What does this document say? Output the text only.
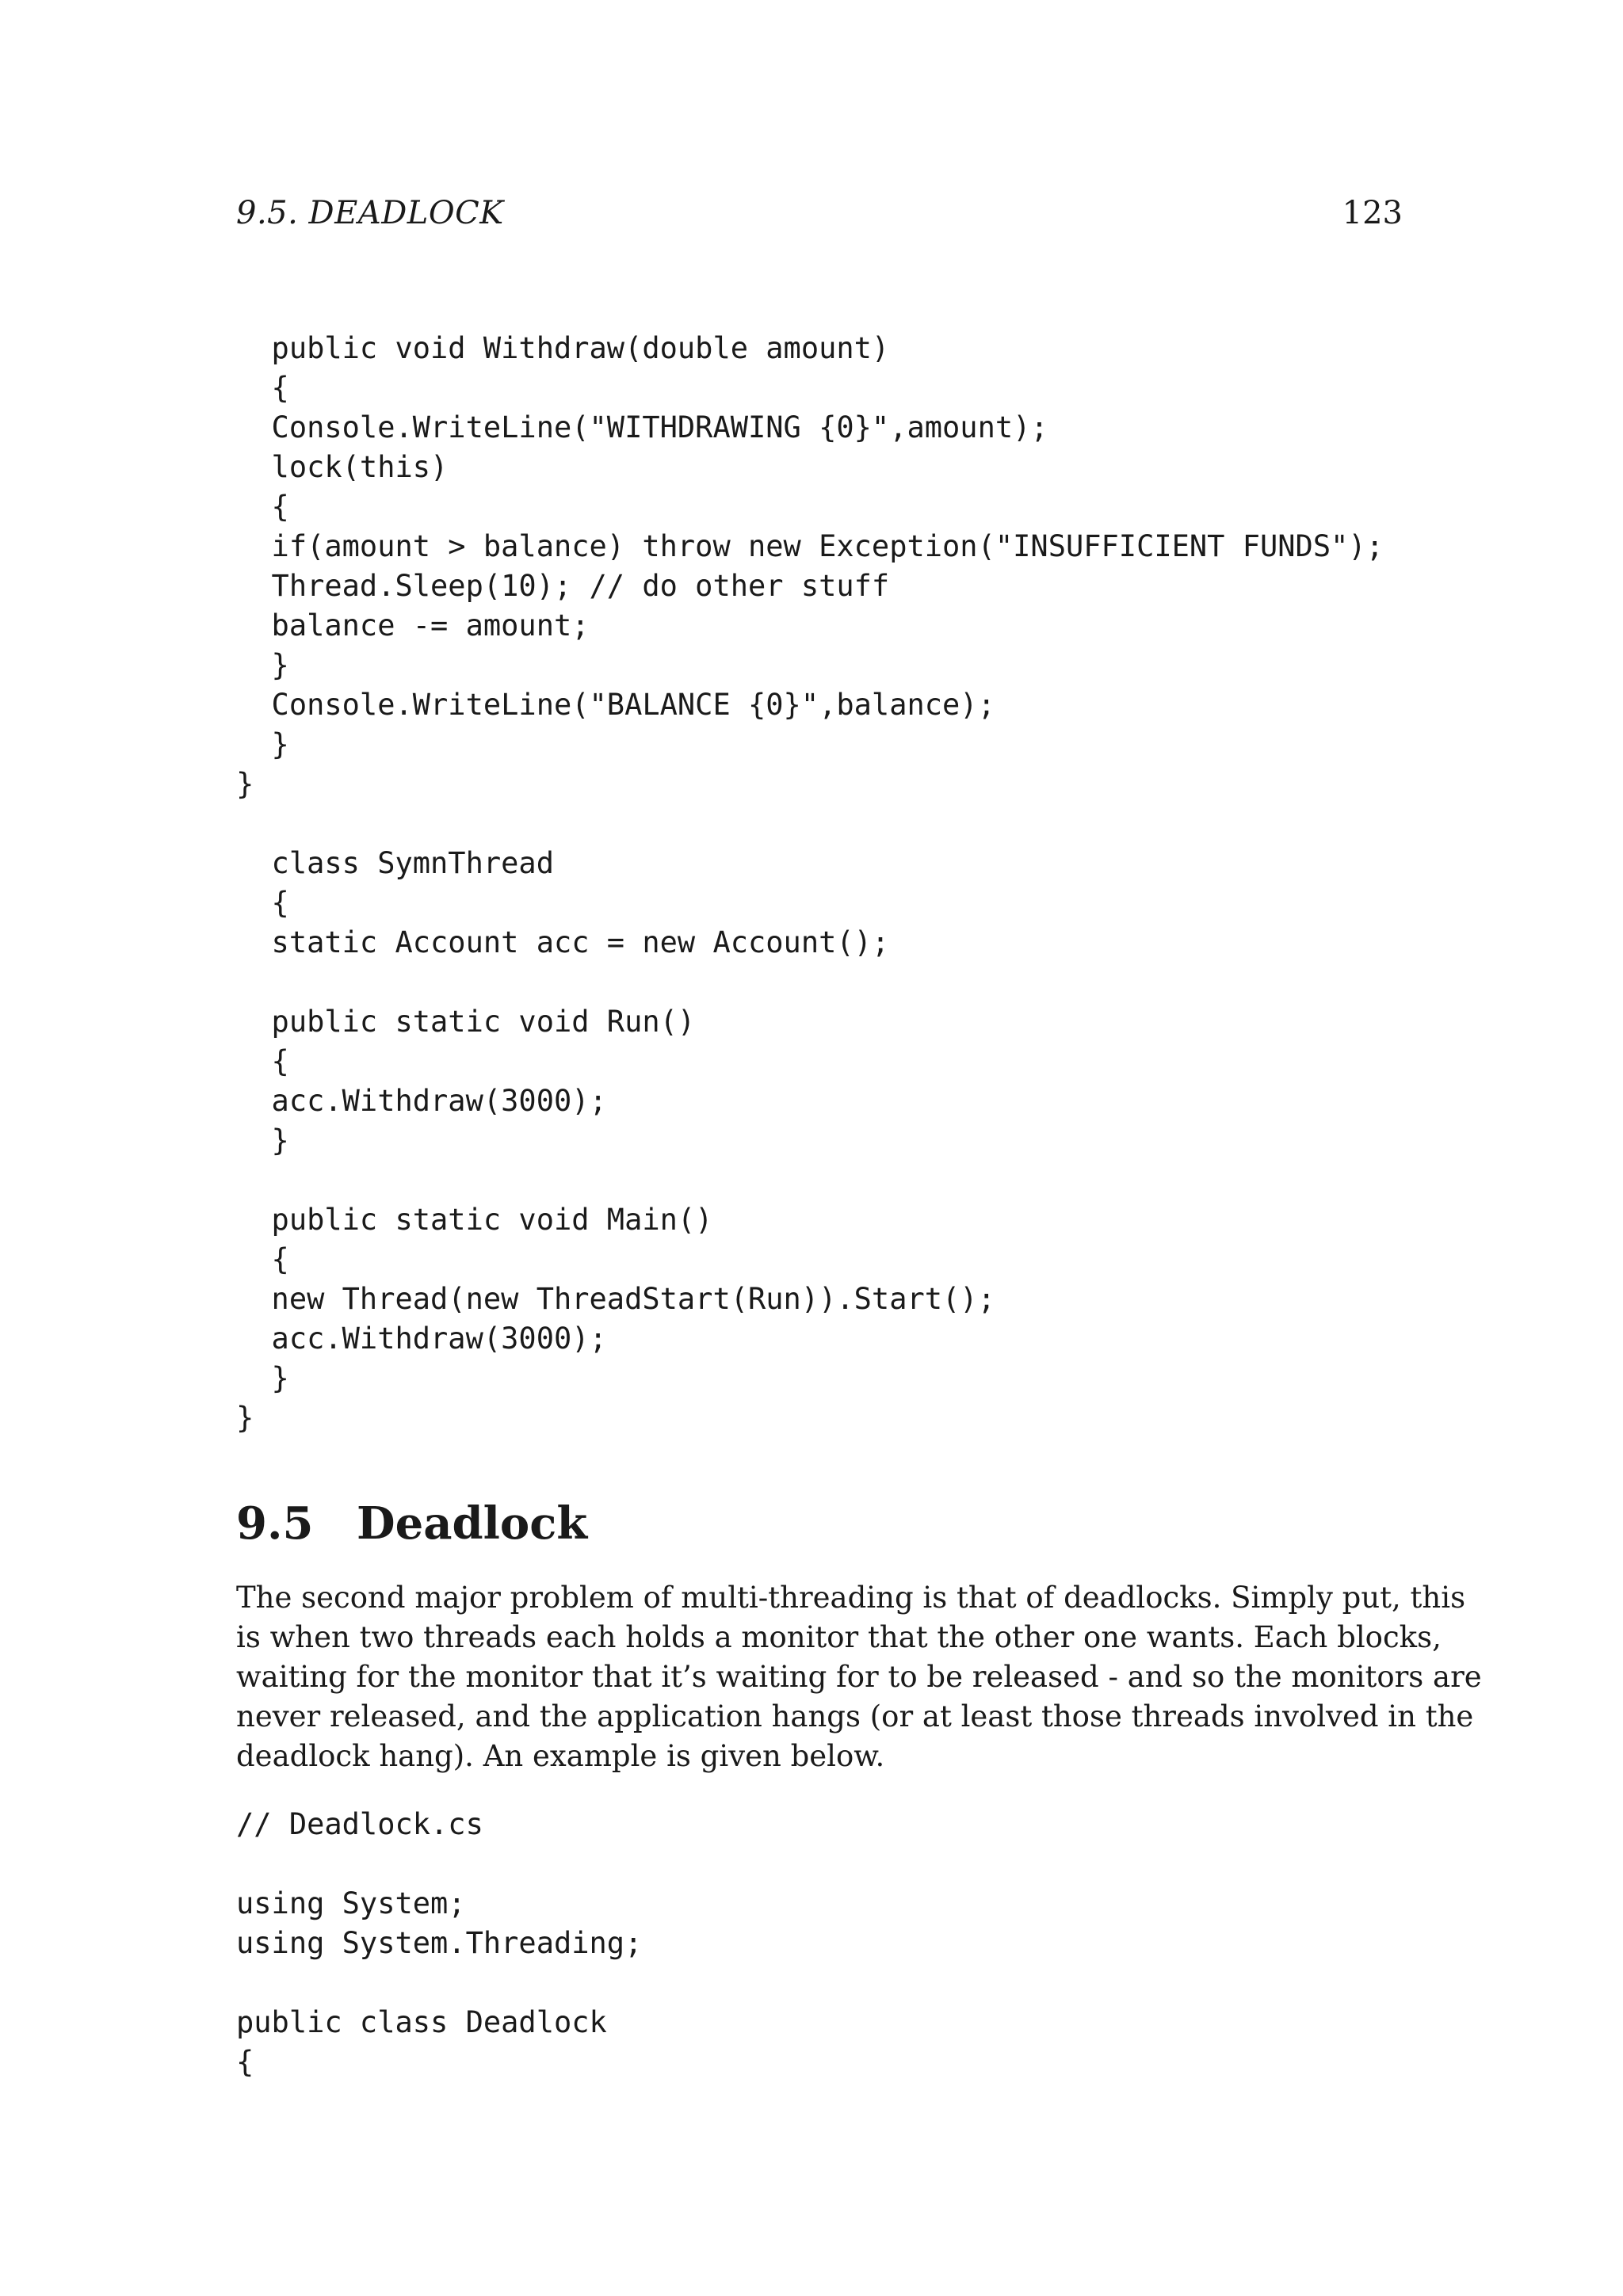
9.5. DEADLOCK	123
public void Withdraw(double amount)
{
Console.WriteLine("WITHDRAWING {0}",amount);
lock(this)
{
if(amount > balance) throw new Exception("INSUFFICIENT FUNDS");
Thread.Sleep(10); // do other stuff
balance -= amount;
}
Console.WriteLine("BALANCE {0}",balance);
}
}
class SymnThread
{
static Account acc = new Account();
public static void Run()
{
acc.Withdraw(3000);
}
public static void Main()
{
new Thread(new ThreadStart(Run)).Start();
acc.Withdraw(3000);
}
}
9.5 Deadlock
The second major problem of multi-threading is that of deadlocks. Simply put, this
is when two threads each holds a monitor that the other one wants. Each blocks,
waiting for the monitor that it’s waiting for to be released - and so the monitors are
never released, and the application hangs (or at least those threads involved in the
deadlock hang). An example is given below.
// Deadlock.cs
using System;
using System.Threading;
public class Deadlock
{
